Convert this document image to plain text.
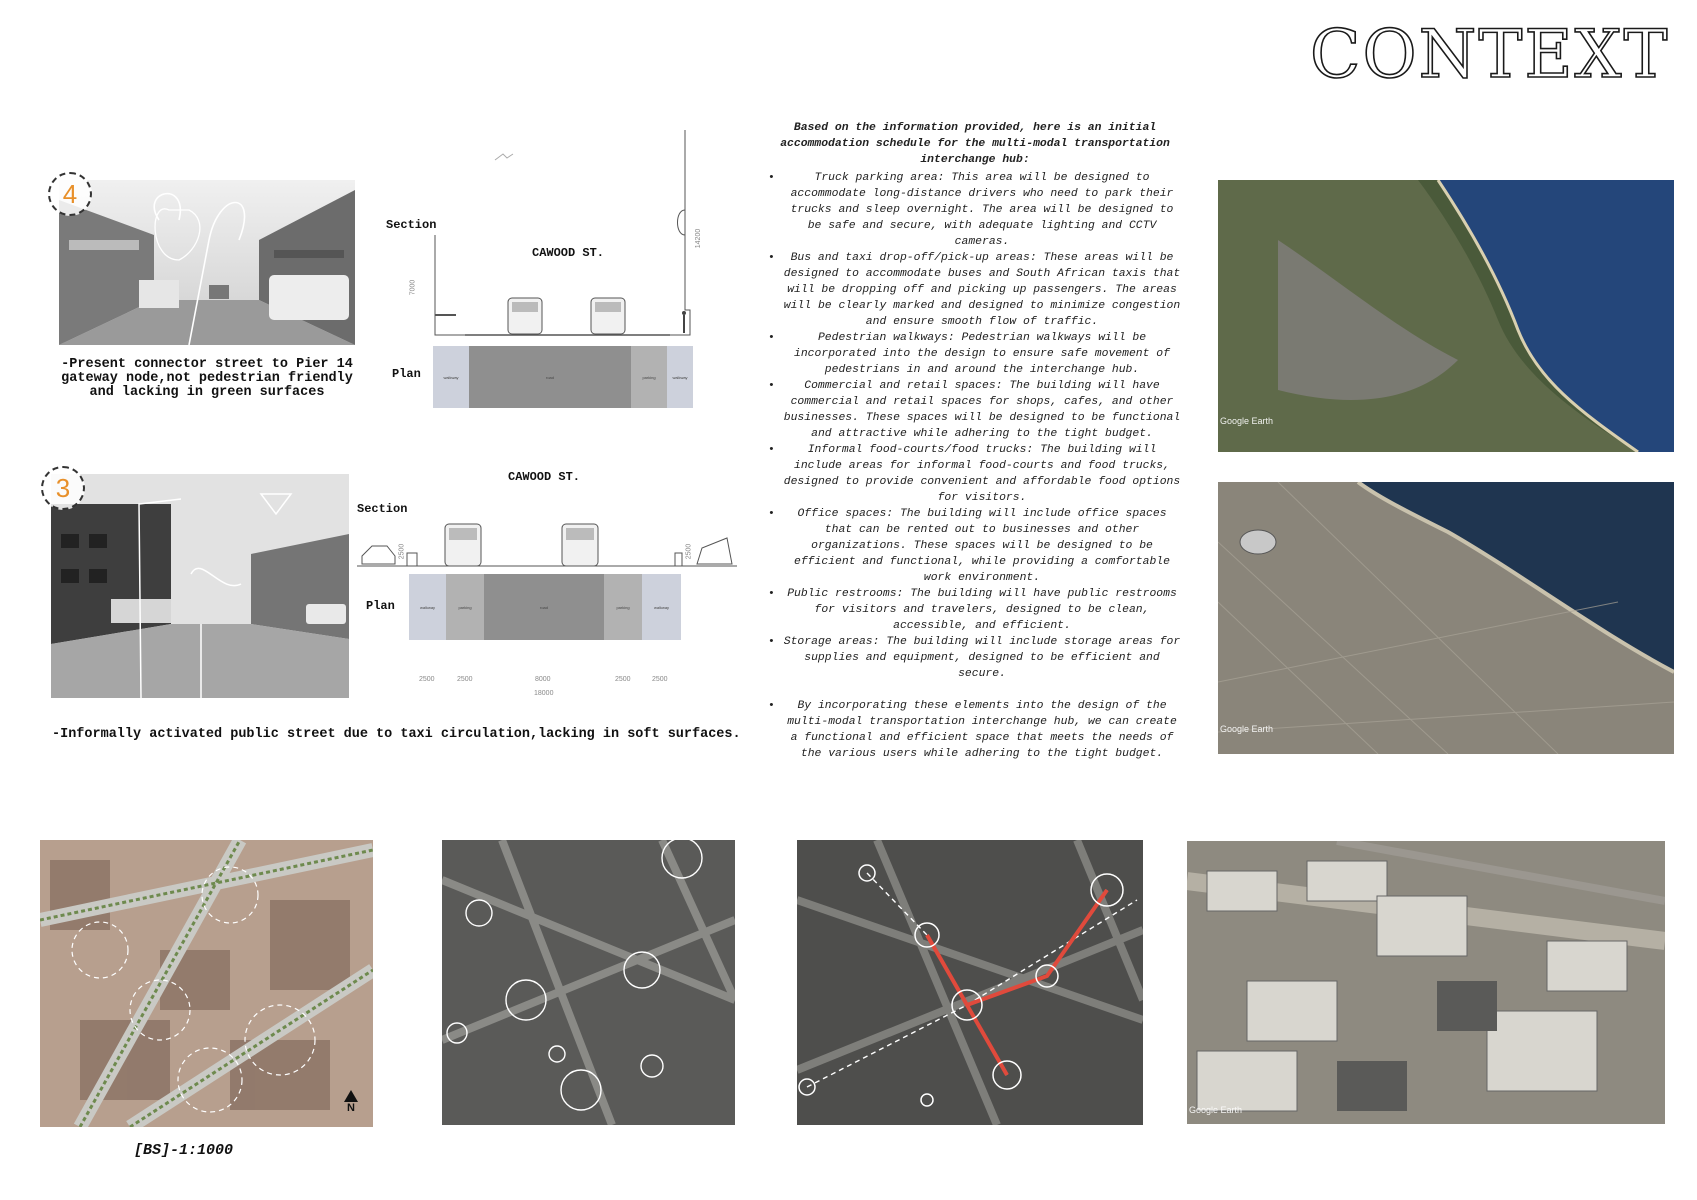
CONTEXT
4
-Present connector street to Pier 14
gateway node,not pedestrian friendly
and lacking in green surfaces
Section
CAWOOD ST.
14200
7000
Plan	walkway	road	parking	walkway
3
-Informally activated public street due to taxi circulation,lacking in soft surfaces.
CAWOOD ST.
Section
2500	2500
Plan	walkway	parking	road	parking	walkway
2500	2500	8000	2500	2500
18000
Based on the information provided, here is an initial accommodation schedule for the multi-modal transportation interchange hub:
• Truck parking area: This area will be designed to accommodate long-distance drivers who need to park their trucks and sleep overnight. The area will be designed to be safe and secure, with adequate lighting and CCTV cameras.
• Bus and taxi drop-off/pick-up areas: These areas will be designed to accommodate buses and South African taxis that will be dropping off and picking up passengers. The areas will be clearly marked and designed to minimize congestion and ensure smooth flow of traffic.
• Pedestrian walkways: Pedestrian walkways will be incorporated into the design to ensure safe movement of pedestrians in and around the interchange hub.
• Commercial and retail spaces: The building will have commercial and retail spaces for shops, cafes, and other businesses. These spaces will be designed to be functional and attractive while adhering to the tight budget.
• Informal food-courts/food trucks: The building will include areas for informal food-courts and food trucks, designed to provide convenient and affordable food options for visitors.
• Office spaces: The building will include office spaces that can be rented out to businesses and other organizations. These spaces will be designed to be efficient and functional, while providing a comfortable work environment.
• Public restrooms: The building will have public restrooms for visitors and travelers, designed to be clean, accessible, and efficient.
• Storage areas: The building will include storage areas for supplies and equipment, designed to be efficient and secure.
• By incorporating these elements into the design of the multi-modal transportation interchange hub, we can create a functional and efficient space that meets the needs of the various users while adhering to the tight budget.
Google Earth
Google Earth
N
[BS]-1:1000
Google Earth
